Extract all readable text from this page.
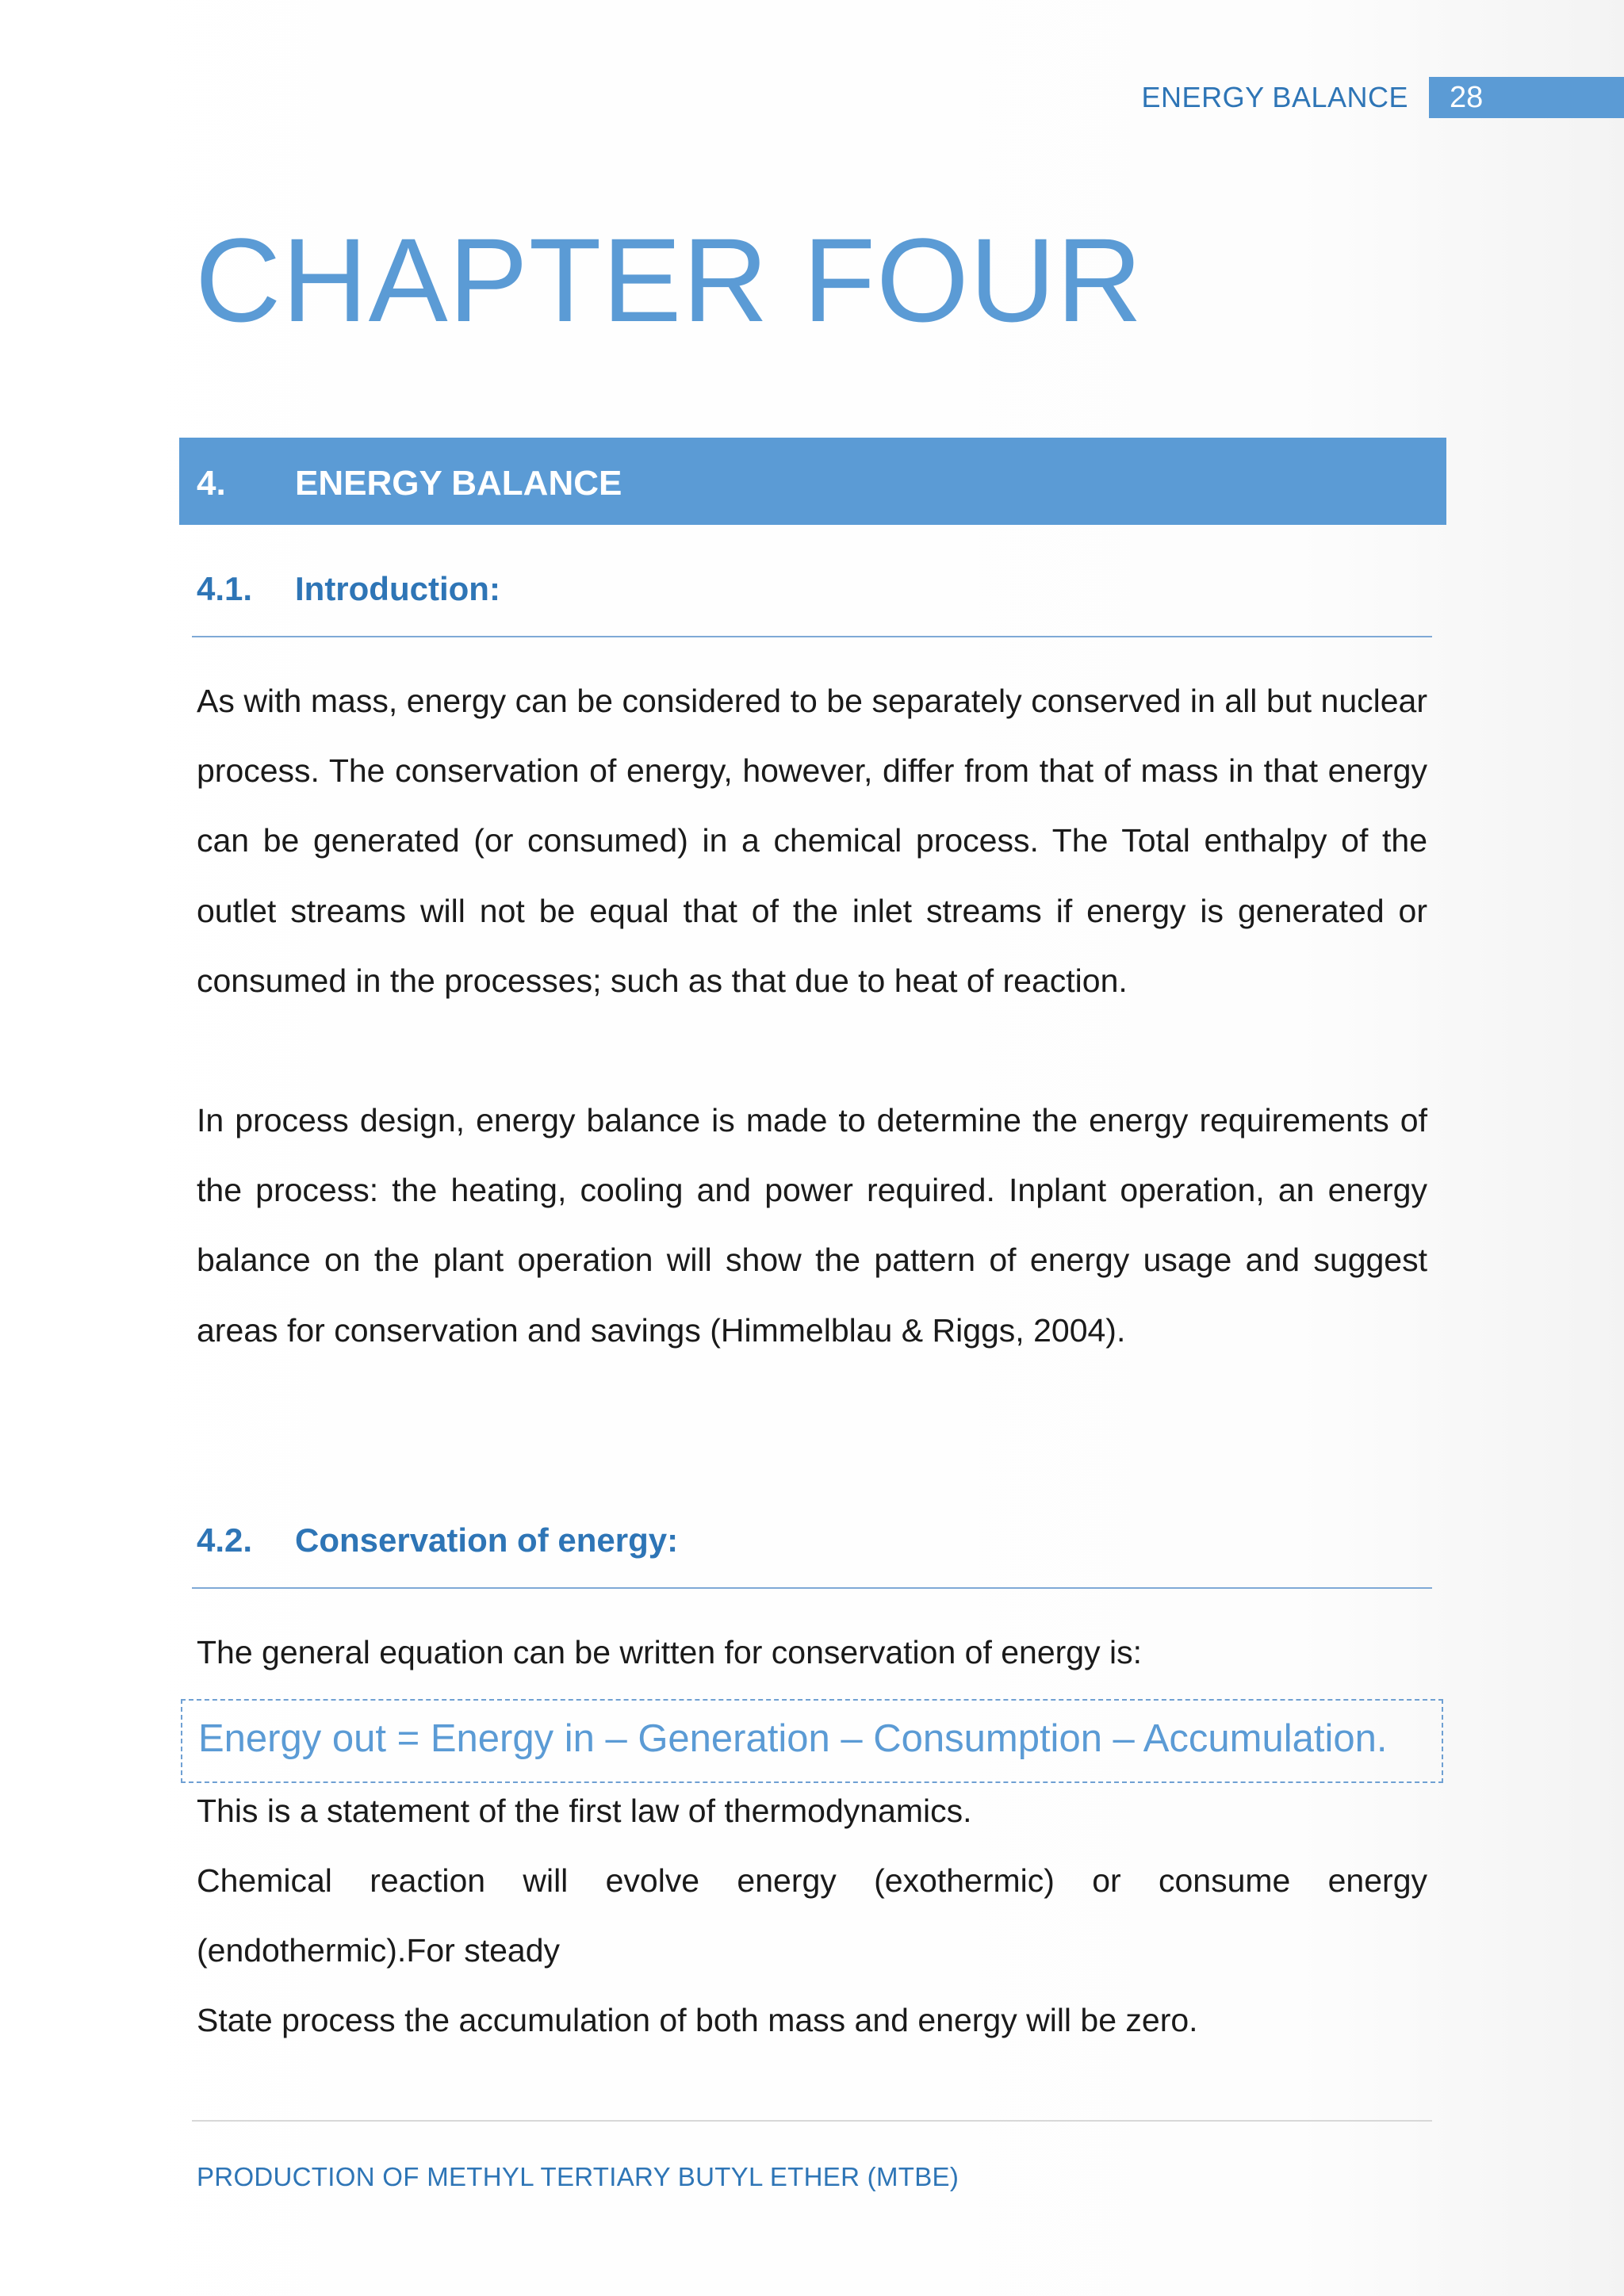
ENERGY BALANCE	28
CHAPTER FOUR
4. ENERGY BALANCE
4.1. Introduction:

As with mass, energy can be considered to be separately conserved in all but nuclear process. The conservation of energy, however, differ from that of mass in that energy can be generated (or consumed) in a chemical process. The Total enthalpy of the outlet streams will not be equal that of the inlet streams if energy is generated or consumed in the processes; such as that due to heat of reaction.

In process design, energy balance is made to determine the energy requirements of the process: the heating, cooling and power required. Inplant operation, an energy balance on the plant operation will show the pattern of energy usage and suggest areas for conservation and savings (Himmelblau & Riggs, 2004).

4.2. Conservation of energy:
The general equation can be written for conservation of energy is:
Energy out = Energy in – Generation – Consumption – Accumulation.
This is a statement of the first law of thermodynamics.
Chemical reaction will evolve energy (exothermic) or consume energy
(endothermic).For steady
State process the accumulation of both mass and energy will be zero.
PRODUCTION OF METHYL TERTIARY BUTYL ETHER (MTBE)
